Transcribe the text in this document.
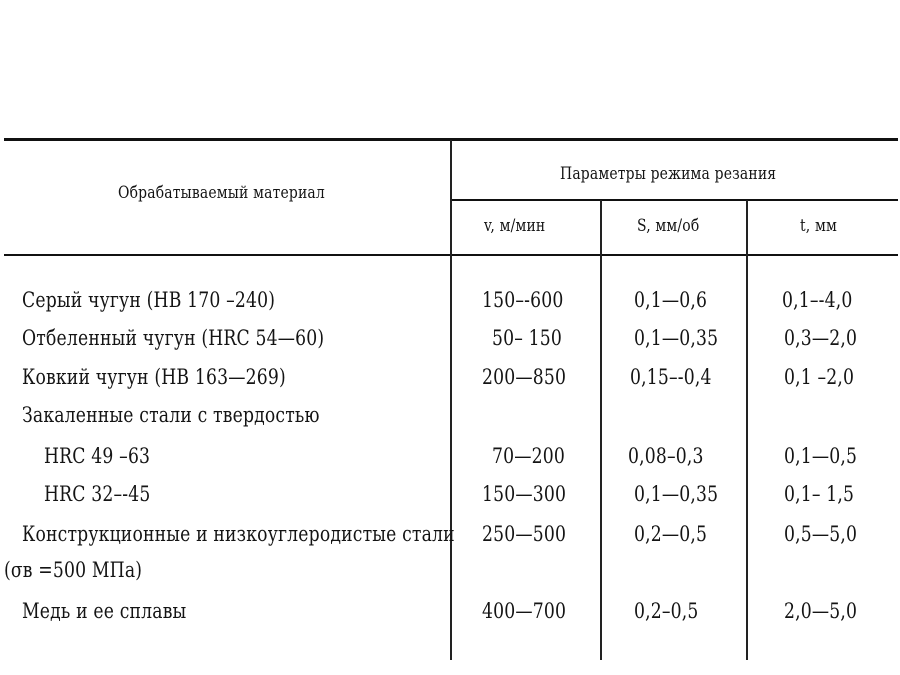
Обрабатываемый материал
Параметры режима резания
v, м/мин	S, мм/об	t, мм
Серый чугун (НВ 170 –240)	150–-600	0,1—0,6	0,1–-4,0
Отбеленный чугун (HRC 54—60)	50– 150	0,1—0,35	0,3—2,0
Ковкий чугун (НВ 163—269)	200—850	0,15–-0,4	0,1 –2,0
Закаленные стали с твердостью
HRC 49 –63	70—200	0,08–0,3	0,1—0,5
HRC 32–-45	150—300	0,1—0,35	0,1– 1,5
Конструкционные и низкоуглеродистые стали 250—500	0,2—0,5	0,5—5,0
(σв =500 МПа)
Медь и ее сплавы	400—700	0,2–0,5	2,0—5,0
